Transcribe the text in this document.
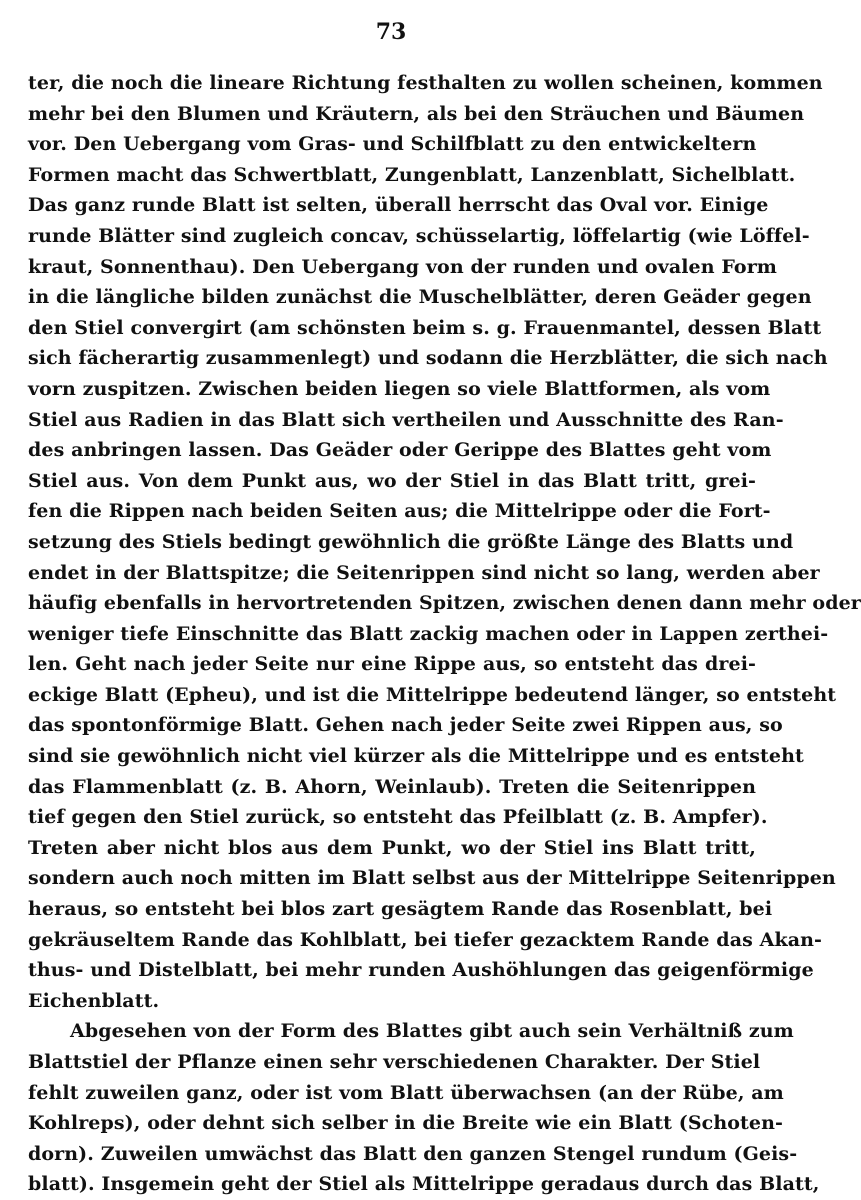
73
ter, die noch die lineare Richtung festhalten zu wollen scheinen, kommen
mehr bei den Blumen und Kräutern, als bei den Sträuchen und Bäumen
vor. Den Uebergang vom Gras- und Schilfblatt zu den entwickeltern
Formen macht das Schwertblatt, Zungenblatt, Lanzenblatt, Sichelblatt.
Das ganz runde Blatt ist selten, überall herrscht das Oval vor. Einige
runde Blätter sind zugleich concav, schüsselartig, löffelartig (wie Löffel-
kraut, Sonnenthau). Den Uebergang von der runden und ovalen Form
in die längliche bilden zunächst die Muschelblätter, deren Geäder gegen
den Stiel convergirt (am schönsten beim s. g. Frauenmantel, dessen Blatt
sich fächerartig zusammenlegt) und sodann die Herzblätter, die sich nach
vorn zuspitzen. Zwischen beiden liegen so viele Blattformen, als vom
Stiel aus Radien in das Blatt sich vertheilen und Ausschnitte des Ran-
des anbringen lassen. Das Geäder oder Gerippe des Blattes geht vom
Stiel aus. Von dem Punkt aus, wo der Stiel in das Blatt tritt, grei-
fen die Rippen nach beiden Seiten aus; die Mittelrippe oder die Fort-
setzung des Stiels bedingt gewöhnlich die größte Länge des Blatts und
endet in der Blattspitze; die Seitenrippen sind nicht so lang, werden aber
häufig ebenfalls in hervortretenden Spitzen, zwischen denen dann mehr oder
weniger tiefe Einschnitte das Blatt zackig machen oder in Lappen zerthei-
len. Geht nach jeder Seite nur eine Rippe aus, so entsteht das drei-
eckige Blatt (Epheu), und ist die Mittelrippe bedeutend länger, so entsteht
das spontonförmige Blatt. Gehen nach jeder Seite zwei Rippen aus, so
sind sie gewöhnlich nicht viel kürzer als die Mittelrippe und es entsteht
das Flammenblatt (z. B. Ahorn, Weinlaub). Treten die Seitenrippen
tief gegen den Stiel zurück, so entsteht das Pfeilblatt (z. B. Ampfer).
Treten aber nicht blos aus dem Punkt, wo der Stiel ins Blatt tritt,
sondern auch noch mitten im Blatt selbst aus der Mittelrippe Seitenrippen
heraus, so entsteht bei blos zart gesägtem Rande das Rosenblatt, bei
gekräuseltem Rande das Kohlblatt, bei tiefer gezacktem Rande das Akan-
thus- und Distelblatt, bei mehr runden Aushöhlungen das geigenförmige
Eichenblatt.
Abgesehen von der Form des Blattes gibt auch sein Verhältniß zum
Blattstiel der Pflanze einen sehr verschiedenen Charakter. Der Stiel
fehlt zuweilen ganz, oder ist vom Blatt überwachsen (an der Rübe, am
Kohlreps), oder dehnt sich selber in die Breite wie ein Blatt (Schoten-
dorn). Zuweilen umwächst das Blatt den ganzen Stengel rundum (Geis-
blatt). Insgemein geht der Stiel als Mittelrippe geradaus durch das Blatt,
